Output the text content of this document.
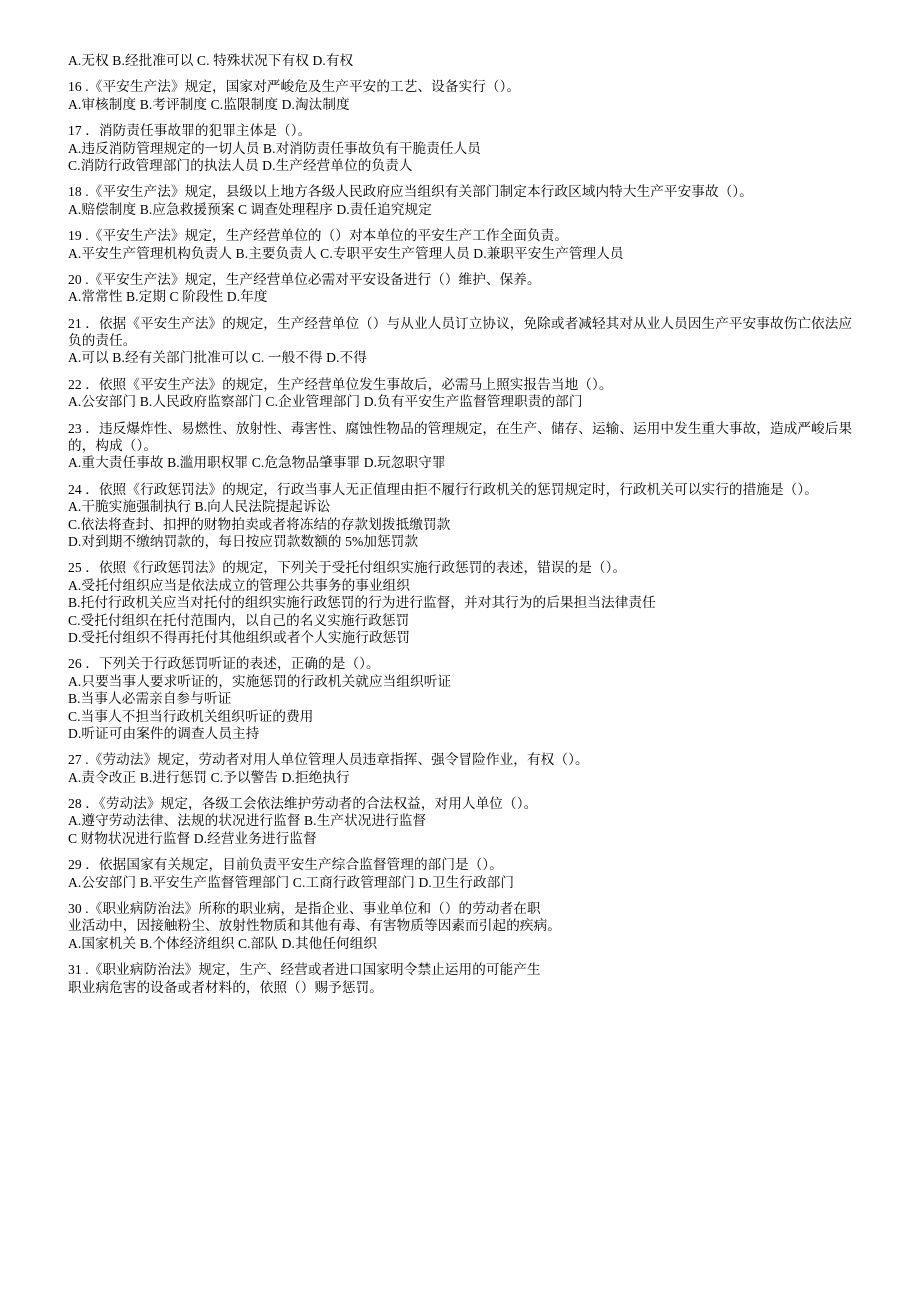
A.无权 B.经批准可以 C. 特殊状况下有权 D.有权
16 .《平安生产法》规定，国家对严峻危及生产平安的工艺、设备实行（）。
A.审核制度 B.考评制度 C.监限制度 D.淘汰制度
17 ．消防责任事故罪的犯罪主体是（）。
A.违反消防管理规定的一切人员 B.对消防责任事故负有干脆责任人员
C.消防行政管理部门的执法人员 D.生产经营单位的负责人
18 .《平安生产法》规定，县级以上地方各级人民政府应当组织有关部门制定本行政区域内特大生产平安事故（）。
A.赔偿制度 B.应急救援预案 C 调查处理程序 D.责任追究规定
19 .《平安生产法》规定，生产经营单位的（）对本单位的平安生产工作全面负责。
A.平安生产管理机构负责人 B.主要负责人 C.专职平安生产管理人员 D.兼职平安生产管理人员
20 .《平安生产法》规定，生产经营单位必需对平安设备进行（）维护、保养。
A.常常性 B.定期 C 阶段性 D.年度
21 ．依据《平安生产法》的规定，生产经营单位（）与从业人员订立协议，免除或者减轻其对从业人员因生产平安事故伤亡依法应负的责任。
A.可以 B.经有关部门批准可以 C. 一般不得 D.不得
22 ．依照《平安生产法》的规定，生产经营单位发生事故后，必需马上照实报告当地（）。
A.公安部门 B.人民政府监察部门 C.企业管理部门 D.负有平安生产监督管理职责的部门
23 ．违反爆炸性、易燃性、放射性、毒害性、腐蚀性物品的管理规定，在生产、储存、运输、运用中发生重大事故，造成严峻后果的，构成（）。
A.重大责任事故 B.滥用职权罪 C.危急物品肇事罪 D.玩忽职守罪
24 ．依照《行政惩罚法》的规定，行政当事人无正值理由拒不履行行政机关的惩罚规定时，行政机关可以实行的措施是（）。
A.干脆实施强制执行 B.向人民法院提起诉讼
C.依法将查封、扣押的财物拍卖或者将冻结的存款划拨抵缴罚款
D.对到期不缴纳罚款的，每日按应罚款数额的 5%加惩罚款
25 ．依照《行政惩罚法》的规定，下列关于受托付组织实施行政惩罚的表述，错误的是（）。
A.受托付组织应当是依法成立的管理公共事务的事业组织
B.托付行政机关应当对托付的组织实施行政惩罚的行为进行监督，并对其行为的后果担当法律责任
C.受托付组织在托付范围内，以自己的名义实施行政惩罚
D.受托付组织不得再托付其他组织或者个人实施行政惩罚
26 ．下列关于行政惩罚听证的表述，正确的是（）。
A.只要当事人要求听证的，实施惩罚的行政机关就应当组织听证
B.当事人必需亲自参与听证
C.当事人不担当行政机关组织听证的费用
D.听证可由案件的调查人员主持
27 .《劳动法》规定，劳动者对用人单位管理人员违章指挥、强令冒险作业，有权（）。
A.责令改正 B.进行惩罚 C.予以警告 D.拒绝执行
28 ．《劳动法》规定，各级工会依法维护劳动者的合法权益，对用人单位（）。
A.遵守劳动法律、法规的状况进行监督 B.生产状况进行监督
C 财物状况进行监督 D.经营业务进行监督
29 ．依据国家有关规定，目前负责平安生产综合监督管理的部门是（）。
A.公安部门 B.平安生产监督管理部门 C.工商行政管理部门 D.卫生行政部门
30 .《职业病防治法》所称的职业病，是指企业、事业单位和（）的劳动者在职
业活动中，因接触粉尘、放射性物质和其他有毒、有害物质等因素而引起的疾病。
A.国家机关 B.个体经济组织 C.部队 D.其他任何组织
31 .《职业病防治法》规定，生产、经营或者进口国家明令禁止运用的可能产生
职业病危害的设备或者材料的，依照（）赐予惩罚。
